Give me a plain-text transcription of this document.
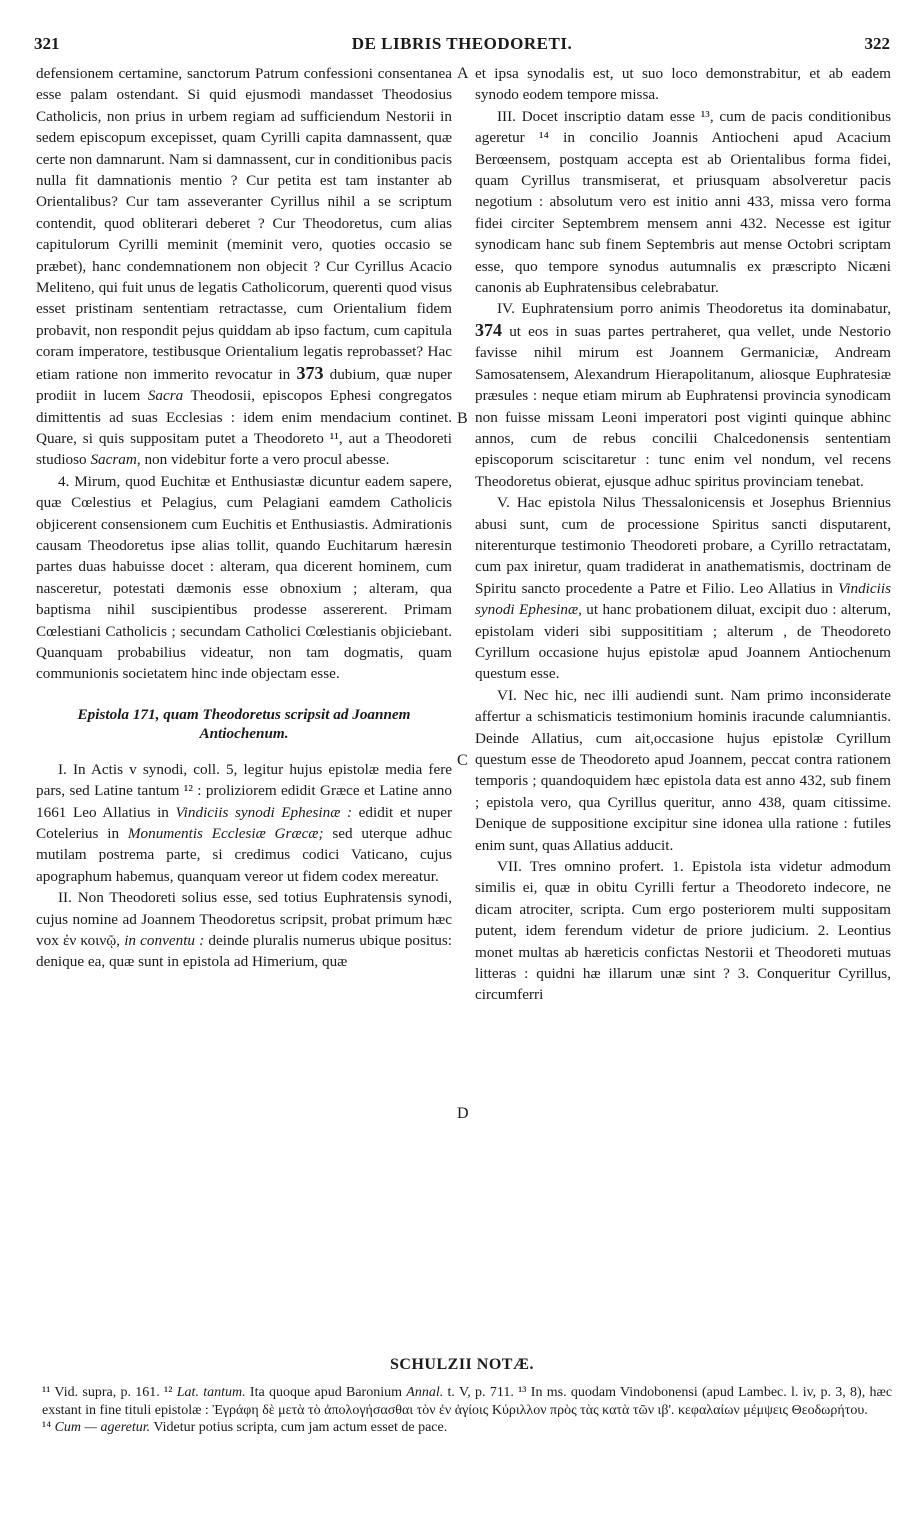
321	DE LIBRIS THEODORETI.	322
A
B
C
D

defensionem certamine, sanctorum Patrum confessioni consentanea esse palam ostendant. Si quid ejusmodi mandasset Theodosius Catholicis, non prius in urbem regiam ad sufficiendum Nestorii in sedem episcopum excepisset, quam Cyrilli capita damnassent, quæ certe non damnarunt. Nam si damnassent, cur in conditionibus pacis nulla fit damnationis mentio ? Cur petita est tam instanter ab Orientalibus? Cur tam asseveranter Cyrillus nihil a se scriptum contendit, quod obliterari deberet ? Cur Theodoretus, cum alias capitulorum Cyrilli meminit (meminit vero, quoties occasio se præbet), hanc condemnationem non objecit ? Cur Cyrillus Acacio Meliteno, qui fuit unus de legatis Catholicorum, querenti quod visus esset pristinam sententiam retractasse, cum Orientalium fidem probavit, non respondit pejus quiddam ab ipso factum, cum capitula coram imperatore, testibusque Orientalium legatis reprobasset? Hac etiam ratione non immerito revocatur in 373 dubium, quæ nuper prodiit in lucem Sacra Theodosii, episcopos Ephesi congregatos dimittentis ad suas Ecclesias : idem enim mendacium continet. Quare, si quis suppositam putet a Theodoreto ¹¹, aut a Theodoreti studioso Sacram, non videbitur forte a vero procul abesse.

4. Mirum, quod Euchitæ et Enthusiastæ dicuntur eadem sapere, quæ Cœlestius et Pelagius, cum Pelagiani eamdem Catholicis objicerent consensionem cum Euchitis et Enthusiastis. Admirationis causam Theodoretus ipse alias tollit, quando Euchitarum hæresin partes duas habuisse docet : alteram, qua dicerent hominem, cum nasceretur, potestati dæmonis esse obnoxium ; alteram, qua baptisma nihil suscipientibus prodesse assererent. Primam Cœlestiani Catholicis ; secundam Catholici Cœlestianis objiciebant. Quanquam probabilius videatur, non tam dogmatis, quam communionis societatem hinc inde objectam esse.

Epistola 171, quam Theodoretus scripsit ad Joannem Antiochenum.

I. In Actis v synodi, coll. 5, legitur hujus epistolæ media fere pars, sed Latine tantum ¹² : proliziorem edidit Græce et Latine anno 1661 Leo Allatius in Vindiciis synodi Ephesinæ : edidit et nuper Cotelerius in Monumentis Ecclesiæ Græcæ; sed uterque adhuc mutilam postrema parte, si credimus codici Vaticano, cujus apographum habemus, quanquam vereor ut fidem codex mereatur.

II. Non Theodoreti solius esse, sed totius Euphratensis synodi, cujus nomine ad Joannem Theodoretus scripsit, probat primum hæc vox ἐν κοινῷ, in conventu : deinde pluralis numerus ubique positus: denique ea, quæ sunt in epistola ad Himerium, quæ

et ipsa synodalis est, ut suo loco demonstrabitur, et ab eadem synodo eodem tempore missa.

III. Docet inscriptio datam esse ¹³, cum de pacis conditionibus ageretur ¹⁴ in concilio Joannis Antiocheni apud Acacium Berœensem, postquam accepta est ab Orientalibus forma fidei, quam Cyrillus transmiserat, et priusquam absolveretur pacis negotium : absolutum vero est initio anni 433, missa vero forma fidei circiter Septembrem mensem anni 432. Necesse est igitur synodicam hanc sub finem Septembris aut mense Octobri scriptam esse, quo tempore synodus autumnalis ex præscripto Nicæni canonis ab Euphratensibus celebrabatur.

IV. Euphratensium porro animis Theodoretus ita dominabatur, 374 ut eos in suas partes pertraheret, qua vellet, unde Nestorio favisse nihil mirum est Joannem Germaniciæ, Andream Samosatensem, Alexandrum Hierapolitanum, aliosque Euphratesiæ præsules : neque etiam mirum ab Euphratensi provincia synodicam non fuisse missam Leoni imperatori post viginti quinque abhinc annos, cum de rebus concilii Chalcedonensis sententiam episcoporum sciscitaretur : tunc enim vel nondum, vel recens Theodoretus obierat, ejusque adhuc spiritus provinciam tenebat.

V. Hac epistola Nilus Thessalonicensis et Josephus Briennius abusi sunt, cum de processione Spiritus sancti disputarent, niterenturque testimonio Theodoreti probare, a Cyrillo retractatam, cum pax iniretur, quam tradiderat in anathematismis, doctrinam de Spiritu sancto procedente a Patre et Filio. Leo Allatius in Vindiciis synodi Ephesinæ, ut hanc probationem diluat, excipit duo : alterum, epistolam videri sibi supposititiam ; alterum , de Theodoreto Cyrillum occasione hujus epistolæ apud Joannem Antiochenum questum esse.

VI. Nec hic, nec illi audiendi sunt. Nam primo inconsiderate affertur a schismaticis testimonium hominis iracunde calumniantis. Deinde Allatius, cum ait,occasione hujus epistolæ Cyrillum questum esse de Theodoreto apud Joannem, peccat contra rationem temporis ; quandoquidem hæc epistola data est anno 432, sub finem ; epistola vero, qua Cyrillus queritur, anno 438, quam citissime. Denique de suppositione excipitur sine idonea ulla ratione : futiles enim sunt, quas Allatius adducit.

VII. Tres omnino profert. 1. Epistola ista videtur admodum similis ei, quæ in obitu Cyrilli fertur a Theodoreto indecore, ne dicam atrociter, scripta. Cum ergo posteriorem multi suppositam putent, idem ferendum videtur de priore judicium. 2. Leontius monet multas ab hæreticis confictas Nestorii et Theodoreti mutuas litteras : quidni hæ illarum unæ sint ? 3. Conqueritur Cyrillus, circumferri

SCHULZII NOTÆ.

¹¹ Vid. supra, p. 161. ¹² Lat. tantum. Ita quoque apud Baronium Annal. t. V, p. 711. ¹³ In ms. quodam Vindobonensi (apud Lambec. l. iv, p. 3, 8), hæc exstant in fine tituli epistolæ : Ἐγράφη δὲ μετὰ τὸ ἀπολογήσασθαι τὸν ἐν ἁγίοις Κύριλλον πρὸς τὰς κατὰ τῶν ιβ'. κεφαλαίων μέμψεις Θεοδωρήτου.

¹⁴ Cum — ageretur. Videtur potius scripta, cum jam actum esset de pace.
